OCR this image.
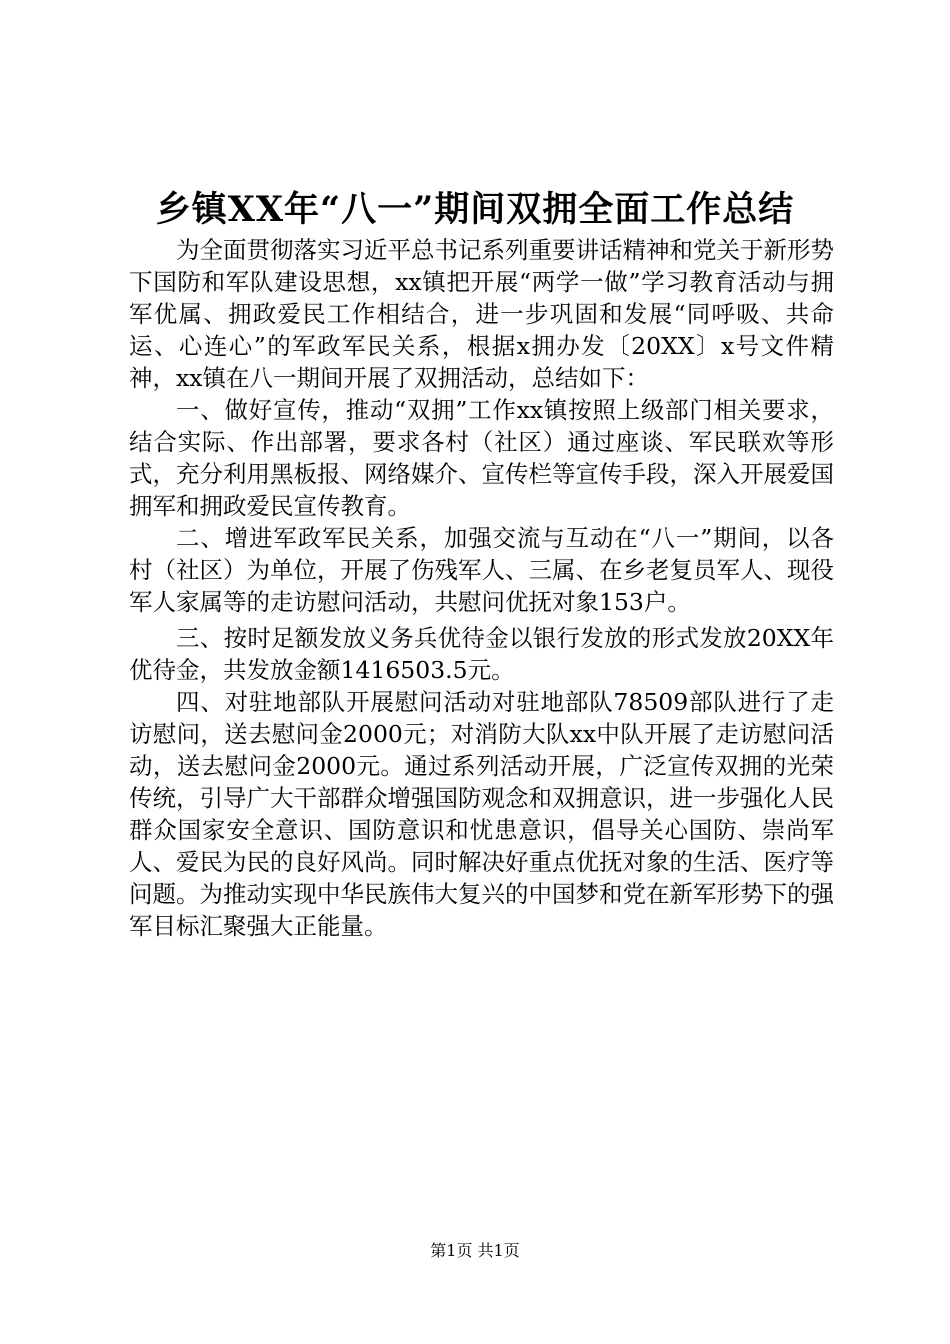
乡镇XX年“八一”期间双拥全面工作总结

为全面贯彻落实习近平总书记系列重要讲话精神和党关于新形势下国防和军队建设思想，xx镇把开展“两学一做”学习教育活动与拥军优属、拥政爱民工作相结合，进一步巩固和发展“同呼吸、共命运、心连心”的军政军民关系，根据x拥办发〔20XX〕x号文件精神，xx镇在八一期间开展了双拥活动，总结如下：

一、做好宣传，推动“双拥”工作xx镇按照上级部门相关要求，结合实际、作出部署，要求各村（社区）通过座谈、军民联欢等形式，充分利用黑板报、网络媒介、宣传栏等宣传手段，深入开展爱国拥军和拥政爱民宣传教育。

二、增进军政军民关系，加强交流与互动在“八一”期间，以各村（社区）为单位，开展了伤残军人、三属、在乡老复员军人、现役军人家属等的走访慰问活动，共慰问优抚对象153户。

三、按时足额发放义务兵优待金以银行发放的形式发放20XX年优待金，共发放金额1416503.5元。

四、对驻地部队开展慰问活动对驻地部队78509部队进行了走访慰问，送去慰问金2000元；对消防大队xx中队开展了走访慰问活动，送去慰问金2000元。通过系列活动开展，广泛宣传双拥的光荣传统，引导广大干部群众增强国防观念和双拥意识，进一步强化人民群众国家安全意识、国防意识和忧患意识，倡导关心国防、崇尚军人、爱民为民的良好风尚。同时解决好重点优抚对象的生活、医疗等问题。为推动实现中华民族伟大复兴的中国梦和党在新军形势下的强军目标汇聚强大正能量。

第1页 共1页
